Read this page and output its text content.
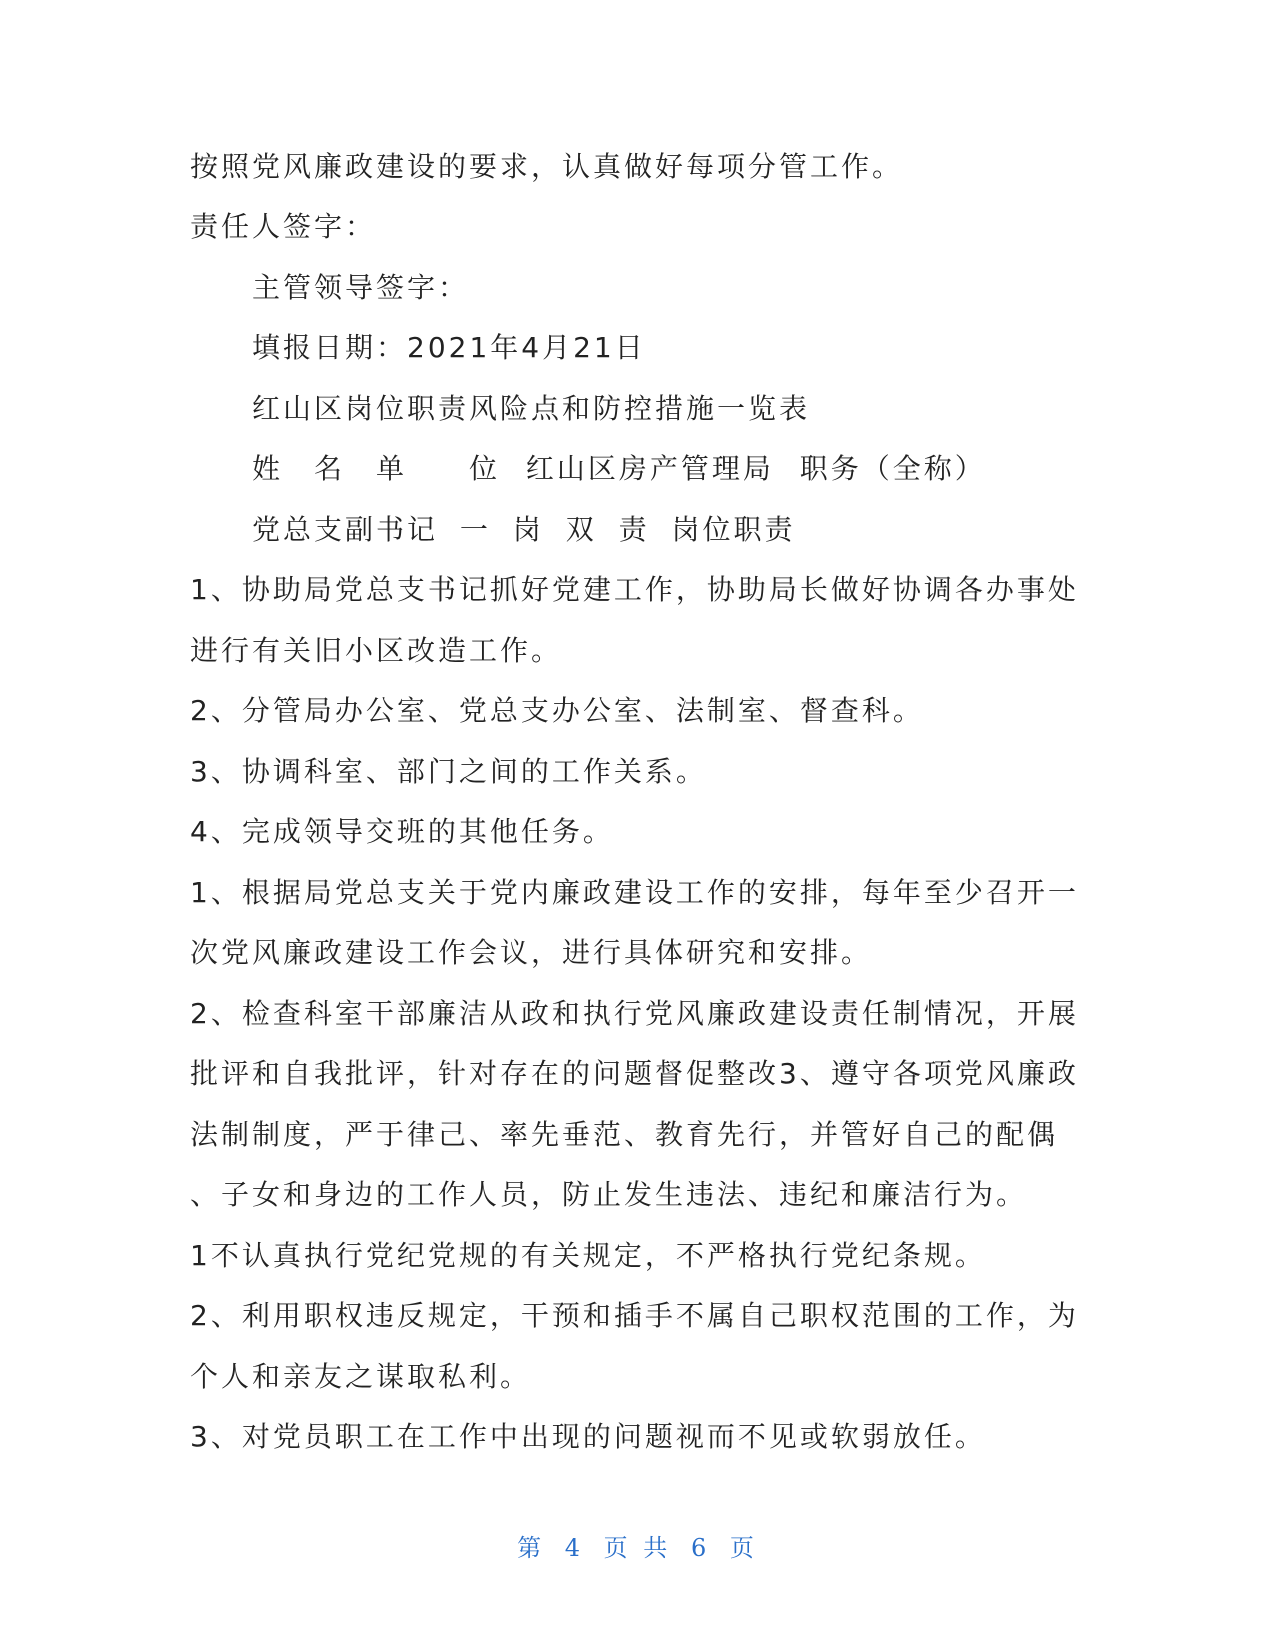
按照党风廉政建设的要求，认真做好每项分管工作。
责任人签字：
主管领导签字：
填报日期：2021年4月21日
红山区岗位职责风险点和防控措施一览表
姓　名　单　　位 红山区房产管理局 职务（全称）
党总支副书记 一 岗 双 责 岗位职责
1、协助局党总支书记抓好党建工作，协助局长做好协调各办事处
进行有关旧小区改造工作。
2、分管局办公室、党总支办公室、法制室、督查科。
3、协调科室、部门之间的工作关系。
4、完成领导交班的其他任务。
1、根据局党总支关于党内廉政建设工作的安排，每年至少召开一
次党风廉政建设工作会议，进行具体研究和安排。
2、检查科室干部廉洁从政和执行党风廉政建设责任制情况，开展
批评和自我批评，针对存在的问题督促整改3、遵守各项党风廉政
法制制度，严于律己、率先垂范、教育先行，并管好自己的配偶
、子女和身边的工作人员，防止发生违法、违纪和廉洁行为。
1不认真执行党纪党规的有关规定，不严格执行党纪条规。
2、利用职权违反规定，干预和插手不属自己职权范围的工作，为
个人和亲友之谋取私利。
3、对党员职工在工作中出现的问题视而不见或软弱放任。
第 4 页 共 6 页
